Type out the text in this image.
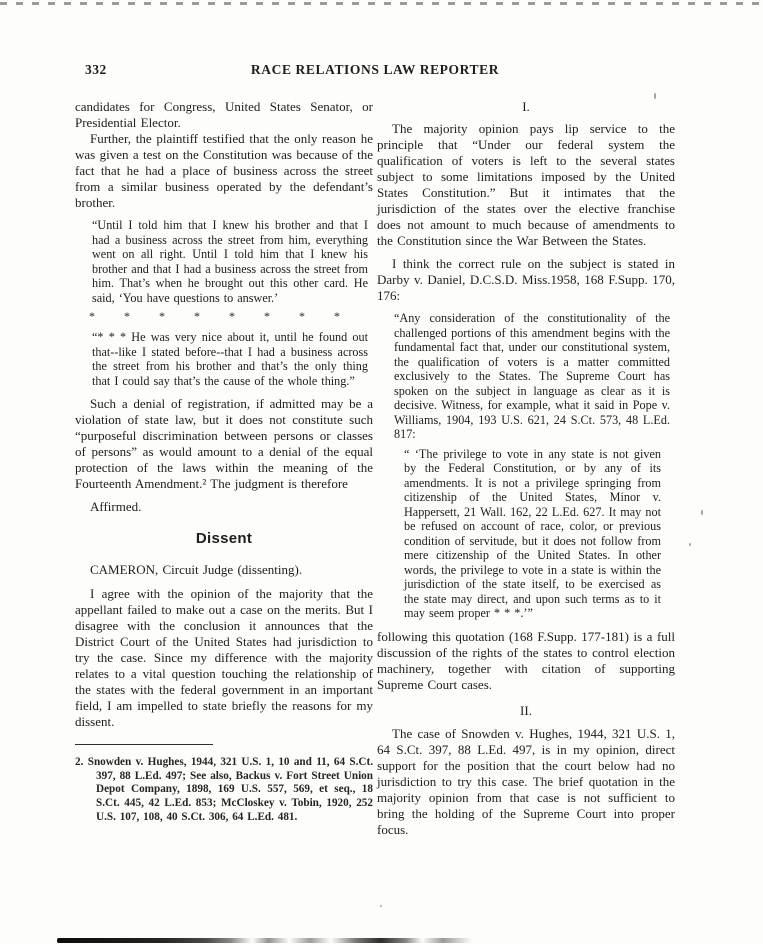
332	RACE RELATIONS LAW REPORTER

candidates for Congress, United States Senator, or Presidential Elector.

Further, the plaintiff testified that the only reason he was given a test on the Constitution was because of the fact that he had a place of business across the street from a similar business operated by the defendant’s brother.

“Until I told him that I knew his brother and that I had a business across the street from him, everything went on all right. Until I told him that I knew his brother and that I had a business across the street from him. That’s when he brought out this other card. He said, ‘You have questions to answer.’

* * * * * * * *

“* * * He was very nice about it, until he found out that--like I stated before--that I had a business across the street from his brother and that’s the only thing that I could say that’s the cause of the whole thing.”

Such a denial of registration, if admitted may be a violation of state law, but it does not constitute such “purposeful discrimination between persons or classes of persons” as would amount to a denial of the equal protection of the laws within the meaning of the Fourteenth Amendment.² The judgment is therefore

Affirmed.

Dissent

CAMERON, Circuit Judge (dissenting).

I agree with the opinion of the majority that the appellant failed to make out a case on the merits. But I disagree with the conclusion it announces that the District Court of the United States had jurisdiction to try the case. Since my difference with the majority relates to a vital question touching the relationship of the states with the federal government in an important field, I am impelled to state briefly the reasons for my dissent.

2. Snowden v. Hughes, 1944, 321 U.S. 1, 10 and 11, 64 S.Ct. 397, 88 L.Ed. 497; See also, Backus v. Fort Street Union Depot Company, 1898, 169 U.S. 557, 569, et seq., 18 S.Ct. 445, 42 L.Ed. 853; McCloskey v. Tobin, 1920, 252 U.S. 107, 108, 40 S.Ct. 306, 64 L.Ed. 481.

I.

The majority opinion pays lip service to the principle that “Under our federal system the qualification of voters is left to the several states subject to some limitations imposed by the United States Constitution.” But it intimates that the jurisdiction of the states over the elective franchise does not amount to much because of amendments to the Constitution since the War Between the States.

I think the correct rule on the subject is stated in Darby v. Daniel, D.C.S.D. Miss.1958, 168 F.Supp. 170, 176:

“Any consideration of the constitutionality of the challenged portions of this amendment begins with the fundamental fact that, under our constitutional system, the qualification of voters is a matter committed exclusively to the States. The Supreme Court has spoken on the subject in language as clear as it is decisive. Witness, for example, what it said in Pope v. Williams, 1904, 193 U.S. 621, 24 S.Ct. 573, 48 L.Ed. 817:

“ ‘The privilege to vote in any state is not given by the Federal Constitution, or by any of its amendments. It is not a privilege springing from citizenship of the United States, Minor v. Happersett, 21 Wall. 162, 22 L.Ed. 627. It may not be refused on account of race, color, or previous condition of servitude, but it does not follow from mere citizenship of the United States. In other words, the privilege to vote in a state is within the jurisdiction of the state itself, to be exercised as the state may direct, and upon such terms as to it may seem proper * * *.’”

following this quotation (168 F.Supp. 177-181) is a full discussion of the rights of the states to control election machinery, together with citation of supporting Supreme Court cases.

II.

The case of Snowden v. Hughes, 1944, 321 U.S. 1, 64 S.Ct. 397, 88 L.Ed. 497, is in my opinion, direct support for the position that the court below had no jurisdiction to try this case. The brief quotation in the majority opinion from that case is not sufficient to bring the holding of the Supreme Court into proper focus.
